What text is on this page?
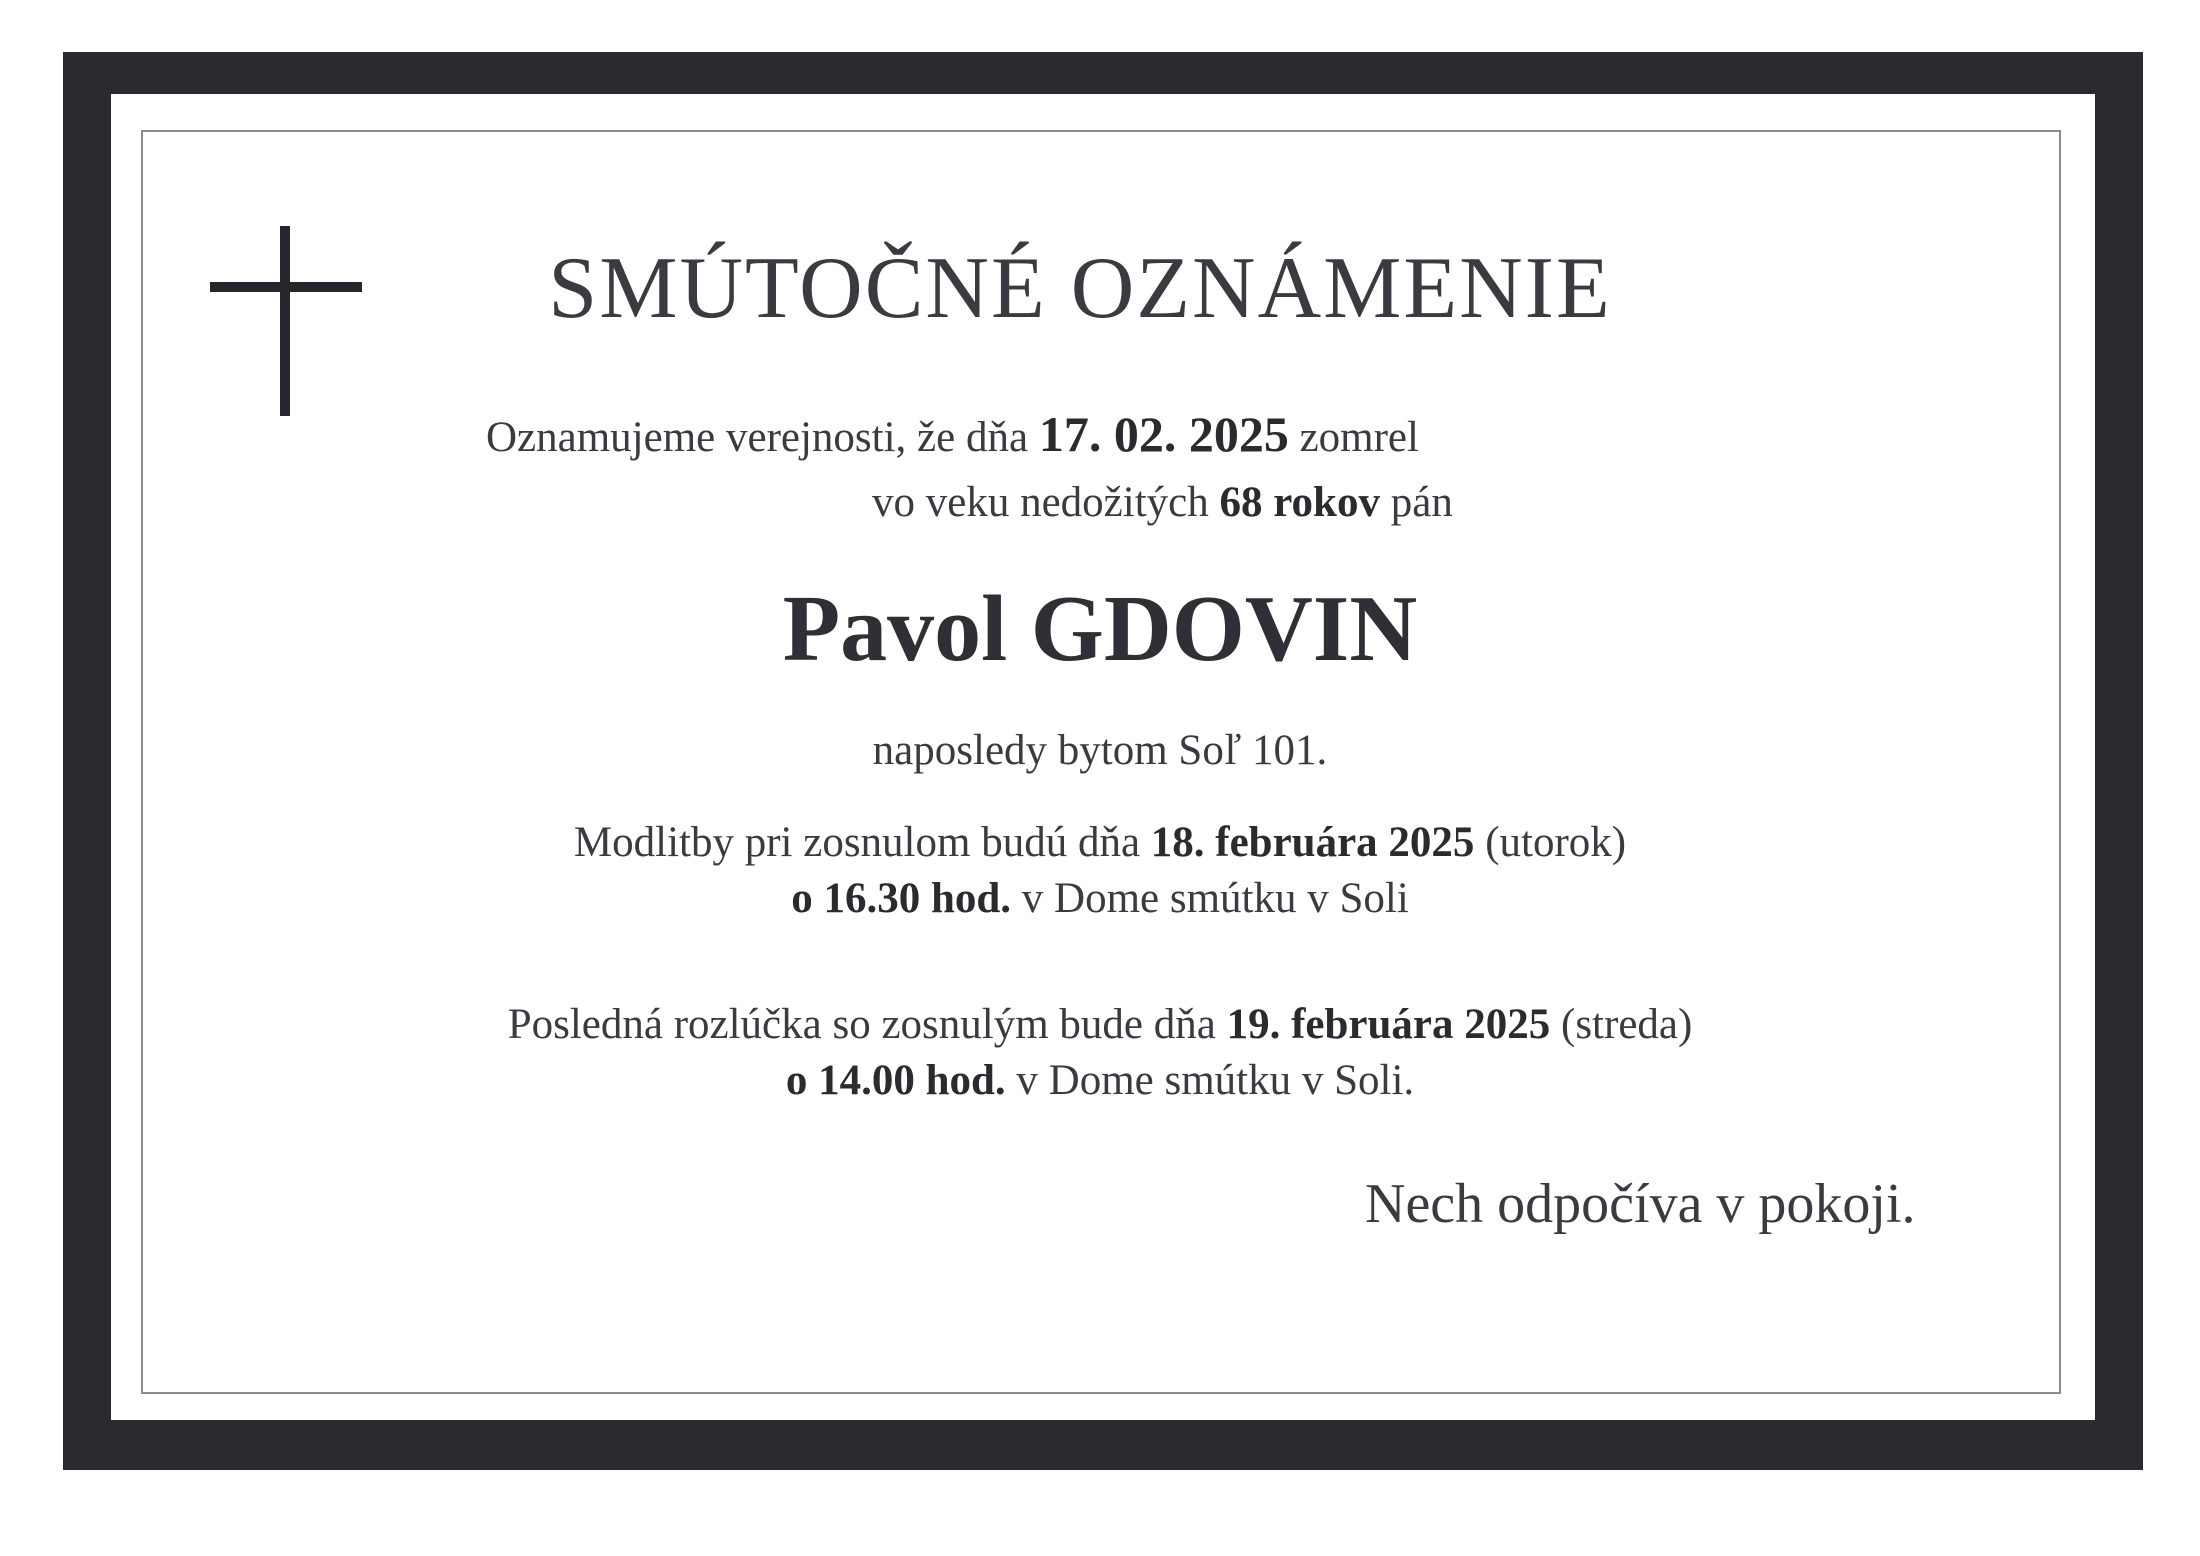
SMÚTOČNÉ OZNÁMENIE
Oznamujeme verejnosti, že dňa 17. 02. 2025 zomrel
vo veku nedožitých 68 rokov pán
Pavol GDOVIN
naposledy bytom Soľ 101.
Modlitby pri zosnulom budú dňa 18. februára 2025 (utorok)
o 16.30 hod. v Dome smútku v Soli
Posledná rozlúčka so zosnulým bude dňa 19. februára 2025 (streda)
o 14.00 hod. v Dome smútku v Soli.
Nech odpočíva v pokoji.
